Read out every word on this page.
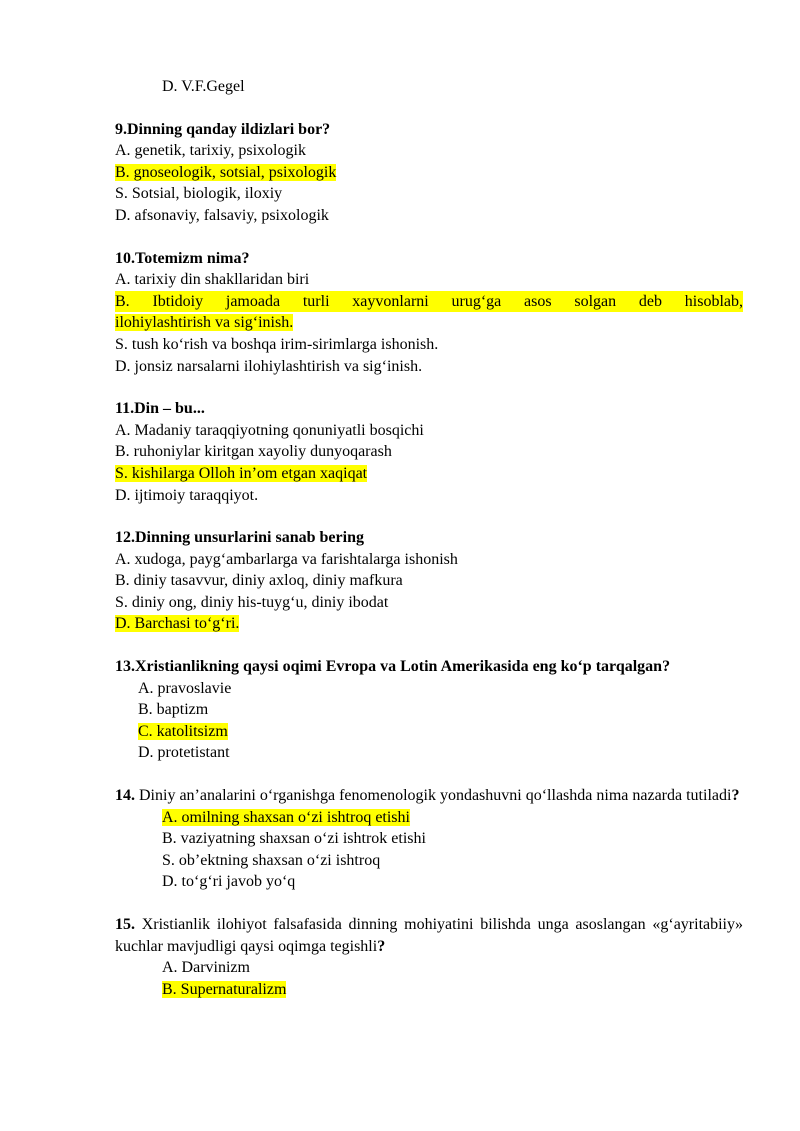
D. V.F.Gegel
9.Dinning qanday ildizlari bor?
A. genetik, tarixiy, psixologik
B. gnoseologik, sotsial, psixologik
S. Sotsial, biologik, iloxiy
D. afsonaviy, falsaviy, psixologik
10.Totemizm nima?
A. tarixiy din shakllaridan biri
B. Ibtidoiy jamoada turli xayvonlarni urug‘ga asos solgan deb hisoblab,
ilohiylashtirish va sig‘inish.
S. tush ko‘rish va boshqa irim-sirimlarga ishonish.
D. jonsiz narsalarni ilohiylashtirish va sig‘inish.
11.Din – bu...
A. Madaniy taraqqiyotning qonuniyatli bosqichi
B. ruhoniylar kiritgan xayoliy dunyoqarash
S. kishilarga Olloh in’om etgan xaqiqat
D. ijtimoiy taraqqiyot.
12.Dinning unsurlarini sanab bering
A. xudoga, payg‘ambarlarga va farishtalarga ishonish
B. diniy tasavvur, diniy axloq, diniy mafkura
S. diniy ong, diniy his-tuyg‘u, diniy ibodat
D. Barchasi to‘g‘ri.
13.Xristianlikning qaysi oqimi Evropa va Lotin Amerikasida eng ko‘p tarqalgan?
A. pravoslavie
B. baptizm
C. katolitsizm
D. protetistant
14. Diniy an’analarini o‘rganishga fenomenologik yondashuvni qo‘llashda nima nazarda tutiladi?
A. omilning shaxsan o‘zi ishtroq etishi
B. vaziyatning shaxsan o‘zi ishtrok etishi
S. ob’ektning shaxsan o‘zi ishtroq
D. to‘g‘ri javob yo‘q
15. Xristianlik ilohiyot falsafasida dinning mohiyatini bilishda unga asoslangan «g‘ayritabiiy» kuchlar mavjudligi qaysi oqimga tegishli?
A. Darvinizm
B. Supernaturalizm
